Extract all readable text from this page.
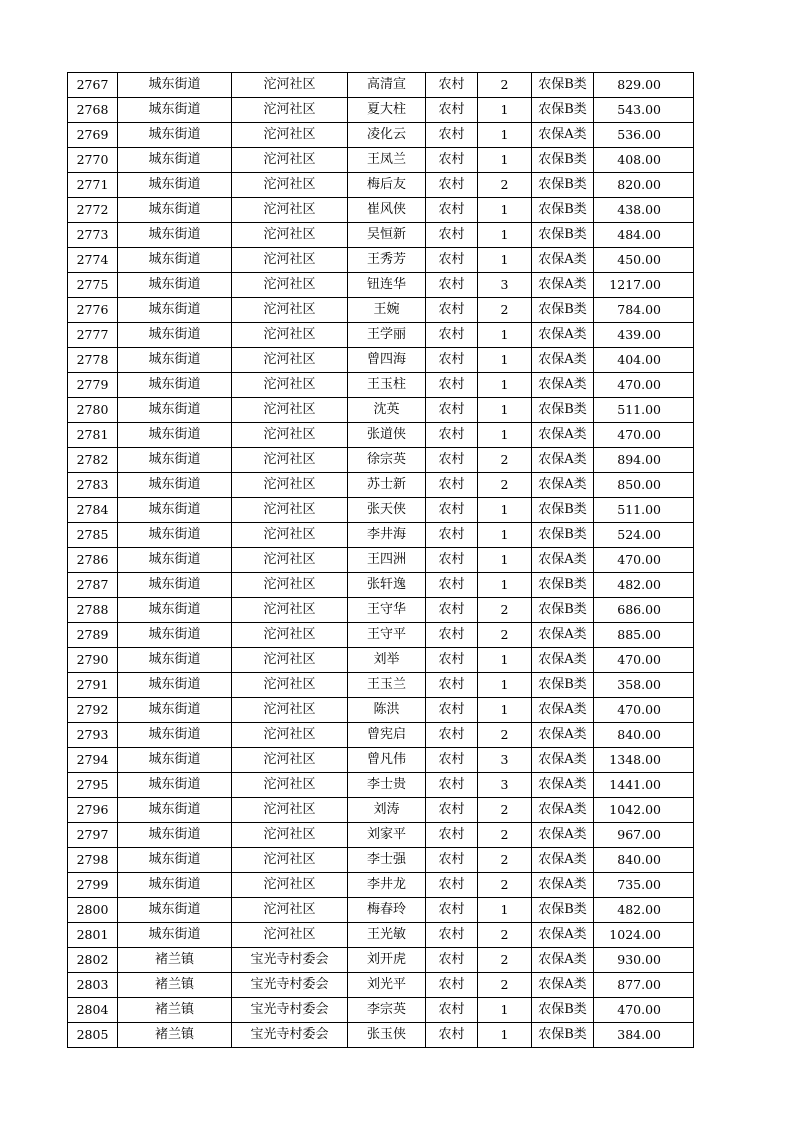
2767	城东街道	沱河社区	高清宣	农村	2	农保B类	829.00
2768	城东街道	沱河社区	夏大柱	农村	1	农保B类	543.00
2769	城东街道	沱河社区	凌化云	农村	1	农保A类	536.00
2770	城东街道	沱河社区	王凤兰	农村	1	农保B类	408.00
2771	城东街道	沱河社区	梅后友	农村	2	农保B类	820.00
2772	城东街道	沱河社区	崔风侠	农村	1	农保B类	438.00
2773	城东街道	沱河社区	吴恒新	农村	1	农保B类	484.00
2774	城东街道	沱河社区	王秀芳	农村	1	农保A类	450.00
2775	城东街道	沱河社区	钮连华	农村	3	农保A类	1217.00
2776	城东街道	沱河社区	王婉	农村	2	农保B类	784.00
2777	城东街道	沱河社区	王学丽	农村	1	农保A类	439.00
2778	城东街道	沱河社区	曾四海	农村	1	农保A类	404.00
2779	城东街道	沱河社区	王玉柱	农村	1	农保A类	470.00
2780	城东街道	沱河社区	沈英	农村	1	农保B类	511.00
2781	城东街道	沱河社区	张道侠	农村	1	农保A类	470.00
2782	城东街道	沱河社区	徐宗英	农村	2	农保A类	894.00
2783	城东街道	沱河社区	苏士新	农村	2	农保A类	850.00
2784	城东街道	沱河社区	张天侠	农村	1	农保B类	511.00
2785	城东街道	沱河社区	李井海	农村	1	农保B类	524.00
2786	城东街道	沱河社区	王四洲	农村	1	农保A类	470.00
2787	城东街道	沱河社区	张轩逸	农村	1	农保B类	482.00
2788	城东街道	沱河社区	王守华	农村	2	农保B类	686.00
2789	城东街道	沱河社区	王守平	农村	2	农保A类	885.00
2790	城东街道	沱河社区	刘举	农村	1	农保A类	470.00
2791	城东街道	沱河社区	王玉兰	农村	1	农保B类	358.00
2792	城东街道	沱河社区	陈洪	农村	1	农保A类	470.00
2793	城东街道	沱河社区	曾宪启	农村	2	农保A类	840.00
2794	城东街道	沱河社区	曾凡伟	农村	3	农保A类	1348.00
2795	城东街道	沱河社区	李士贵	农村	3	农保A类	1441.00
2796	城东街道	沱河社区	刘涛	农村	2	农保A类	1042.00
2797	城东街道	沱河社区	刘家平	农村	2	农保A类	967.00
2798	城东街道	沱河社区	李士强	农村	2	农保A类	840.00
2799	城东街道	沱河社区	李井龙	农村	2	农保A类	735.00
2800	城东街道	沱河社区	梅春玲	农村	1	农保B类	482.00
2801	城东街道	沱河社区	王光敏	农村	2	农保A类	1024.00
2802	褚兰镇	宝光寺村委会	刘开虎	农村	2	农保A类	930.00
2803	褚兰镇	宝光寺村委会	刘光平	农村	2	农保A类	877.00
2804	褚兰镇	宝光寺村委会	李宗英	农村	1	农保B类	470.00
2805	褚兰镇	宝光寺村委会	张玉侠	农村	1	农保B类	384.00
